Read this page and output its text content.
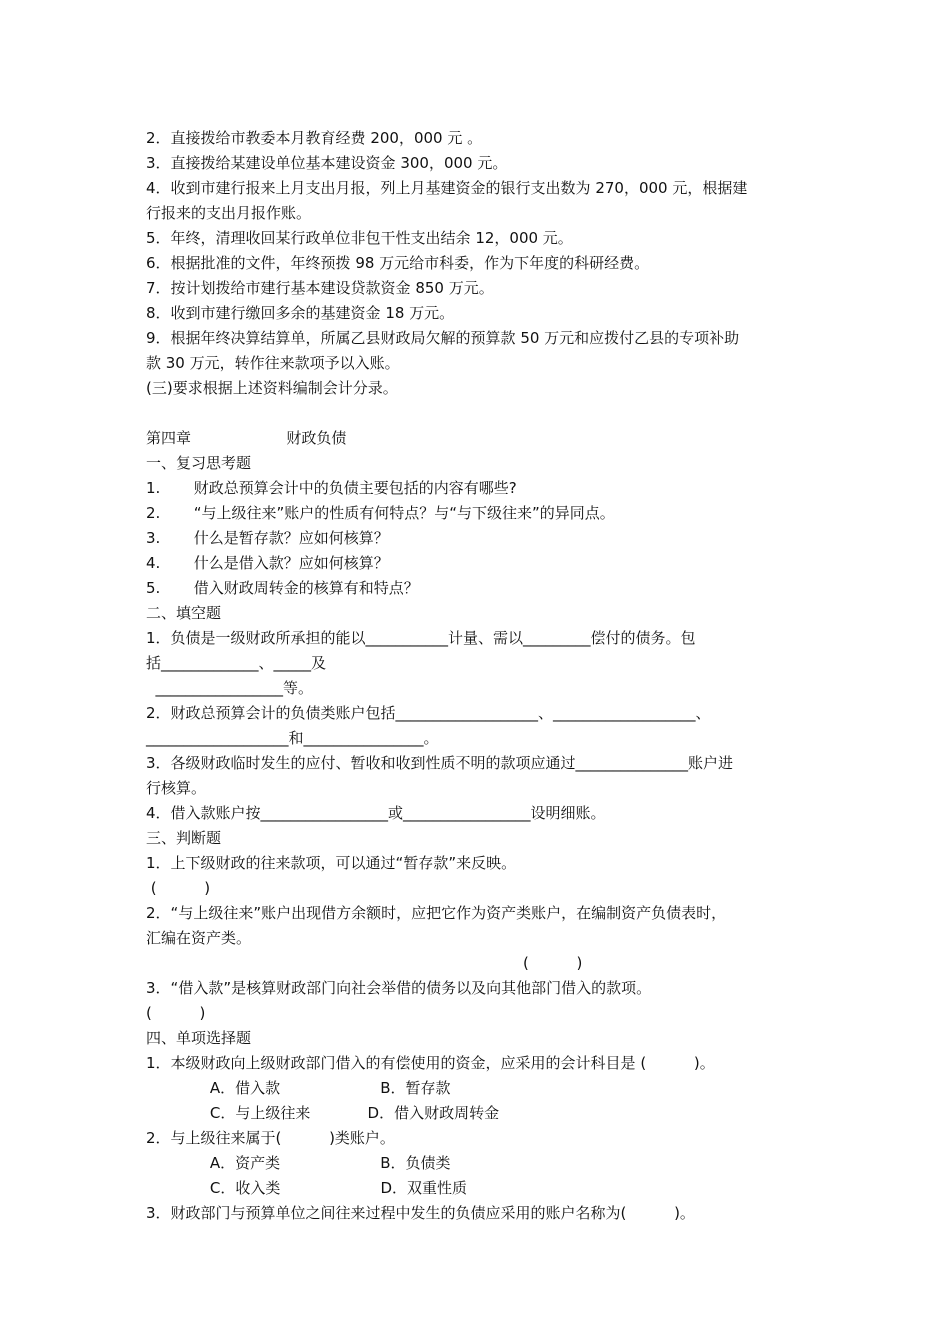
2．直接拨给市教委本月教育经费 200，000 元 。
3．直接拨给某建设单位基本建设资金 300，000 元。
4．收到市建行报来上月支出月报，列上月基建资金的银行支出数为 270，000 元，根据建
行报来的支出月报作账。
5．年终，清理收回某行政单位非包干性支出结余 12，000 元。
6．根据批准的文件，年终预拨 98 万元给市科委，作为下年度的科研经费。
7．按计划拨给市建行基本建设贷款资金 850 万元。
8．收到市建行缴回多余的基建资金 18 万元。
9．根据年终决算结算单，所属乙县财政局欠解的预算款 50 万元和应拨付乙县的专项补助
款 30 万元，转作往来款项予以入账。
(三)要求根据上述资料编制会计分录。
第四章                    财政负债
一、复习思考题
1.       财政总预算会计中的负债主要包括的内容有哪些?
2.       “与上级往来”账户的性质有何特点？与“与下级往来”的异同点。
3.       什么是暂存款？应如何核算？
4.       什么是借入款？应如何核算？
5.       借入财政周转金的核算有和特点？
二、填空题
1．负债是一级财政所承担的能以___________计量、需以_________偿付的债务。包
括_____________、_____及
_________________等。
2．财政总预算会计的负债类账户包括___________________、___________________、
___________________和________________。
3．各级财政临时发生的应付、暂收和收到性质不明的款项应通过_______________账户进
行核算。
4．借入款账户按_________________或_________________设明细账。
三、判断题
1．上下级财政的往来款项，可以通过“暂存款”来反映。
(          )
2．“与上级往来”账户出现借方余额时，应把它作为资产类账户，在编制资产负债表时，
汇编在资产类。
(          )
3．“借入款”是核算财政部门向社会举借的债务以及向其他部门借入的款项。
(          )
四、单项选择题
1．本级财政向上级财政部门借入的有偿使用的资金，应采用的会计科目是 (          )。
A．借入款                     B．暂存款
C．与上级往来            D．借入财政周转金
2．与上级往来属于(          )类账户。
A．资产类                     B．负债类
C．收入类                     D．双重性质
3．财政部门与预算单位之间往来过程中发生的负债应采用的账户名称为(          )。
